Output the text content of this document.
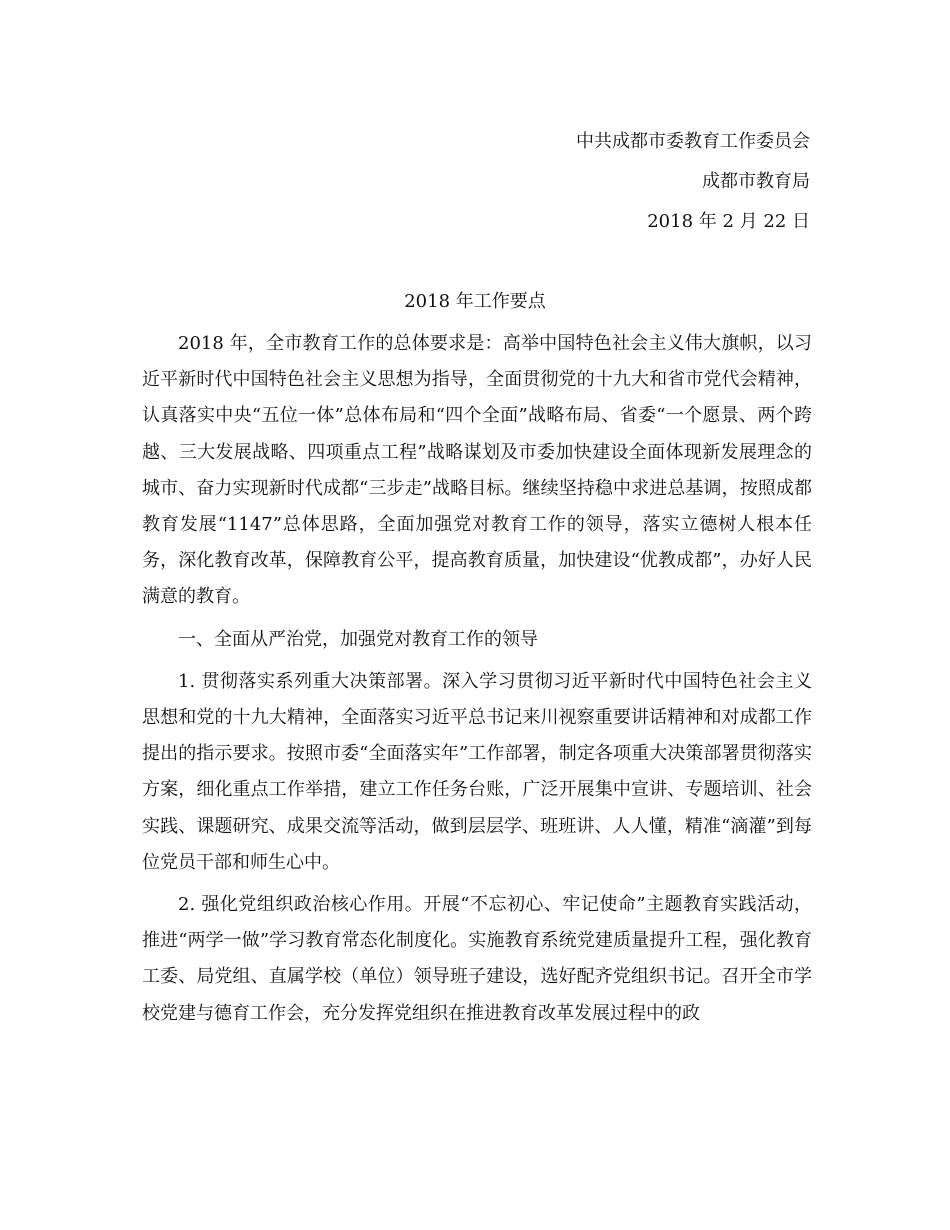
中共成都市委教育工作委员会
成都市教育局
2018 年 2 月 22 日
2018 年工作要点

2018 年，全市教育工作的总体要求是：高举中国特色社会主义伟大旗帜，以习近平新时代中国特色社会主义思想为指导，全面贯彻党的十九大和省市党代会精神，认真落实中央“五位一体”总体布局和“四个全面”战略布局、省委“一个愿景、两个跨越、三大发展战略、四项重点工程”战略谋划及市委加快建设全面体现新发展理念的城市、奋力实现新时代成都“三步走”战略目标。继续坚持稳中求进总基调，按照成都教育发展“1147”总体思路，全面加强党对教育工作的领导，落实立德树人根本任务，深化教育改革，保障教育公平，提高教育质量，加快建设“优教成都”，办好人民满意的教育。

一、全面从严治党，加强党对教育工作的领导

1. 贯彻落实系列重大决策部署。深入学习贯彻习近平新时代中国特色社会主义思想和党的十九大精神，全面落实习近平总书记来川视察重要讲话精神和对成都工作提出的指示要求。按照市委“全面落实年”工作部署，制定各项重大决策部署贯彻落实方案，细化重点工作举措，建立工作任务台账，广泛开展集中宣讲、专题培训、社会实践、课题研究、成果交流等活动，做到层层学、班班讲、人人懂，精准“滴灌”到每位党员干部和师生心中。

2. 强化党组织政治核心作用。开展“不忘初心、牢记使命”主题教育实践活动，推进“两学一做”学习教育常态化制度化。实施教育系统党建质量提升工程，强化教育工委、局党组、直属学校（单位）领导班子建设，选好配齐党组织书记。召开全市学校党建与德育工作会，充分发挥党组织在推进教育改革发展过程中的政
